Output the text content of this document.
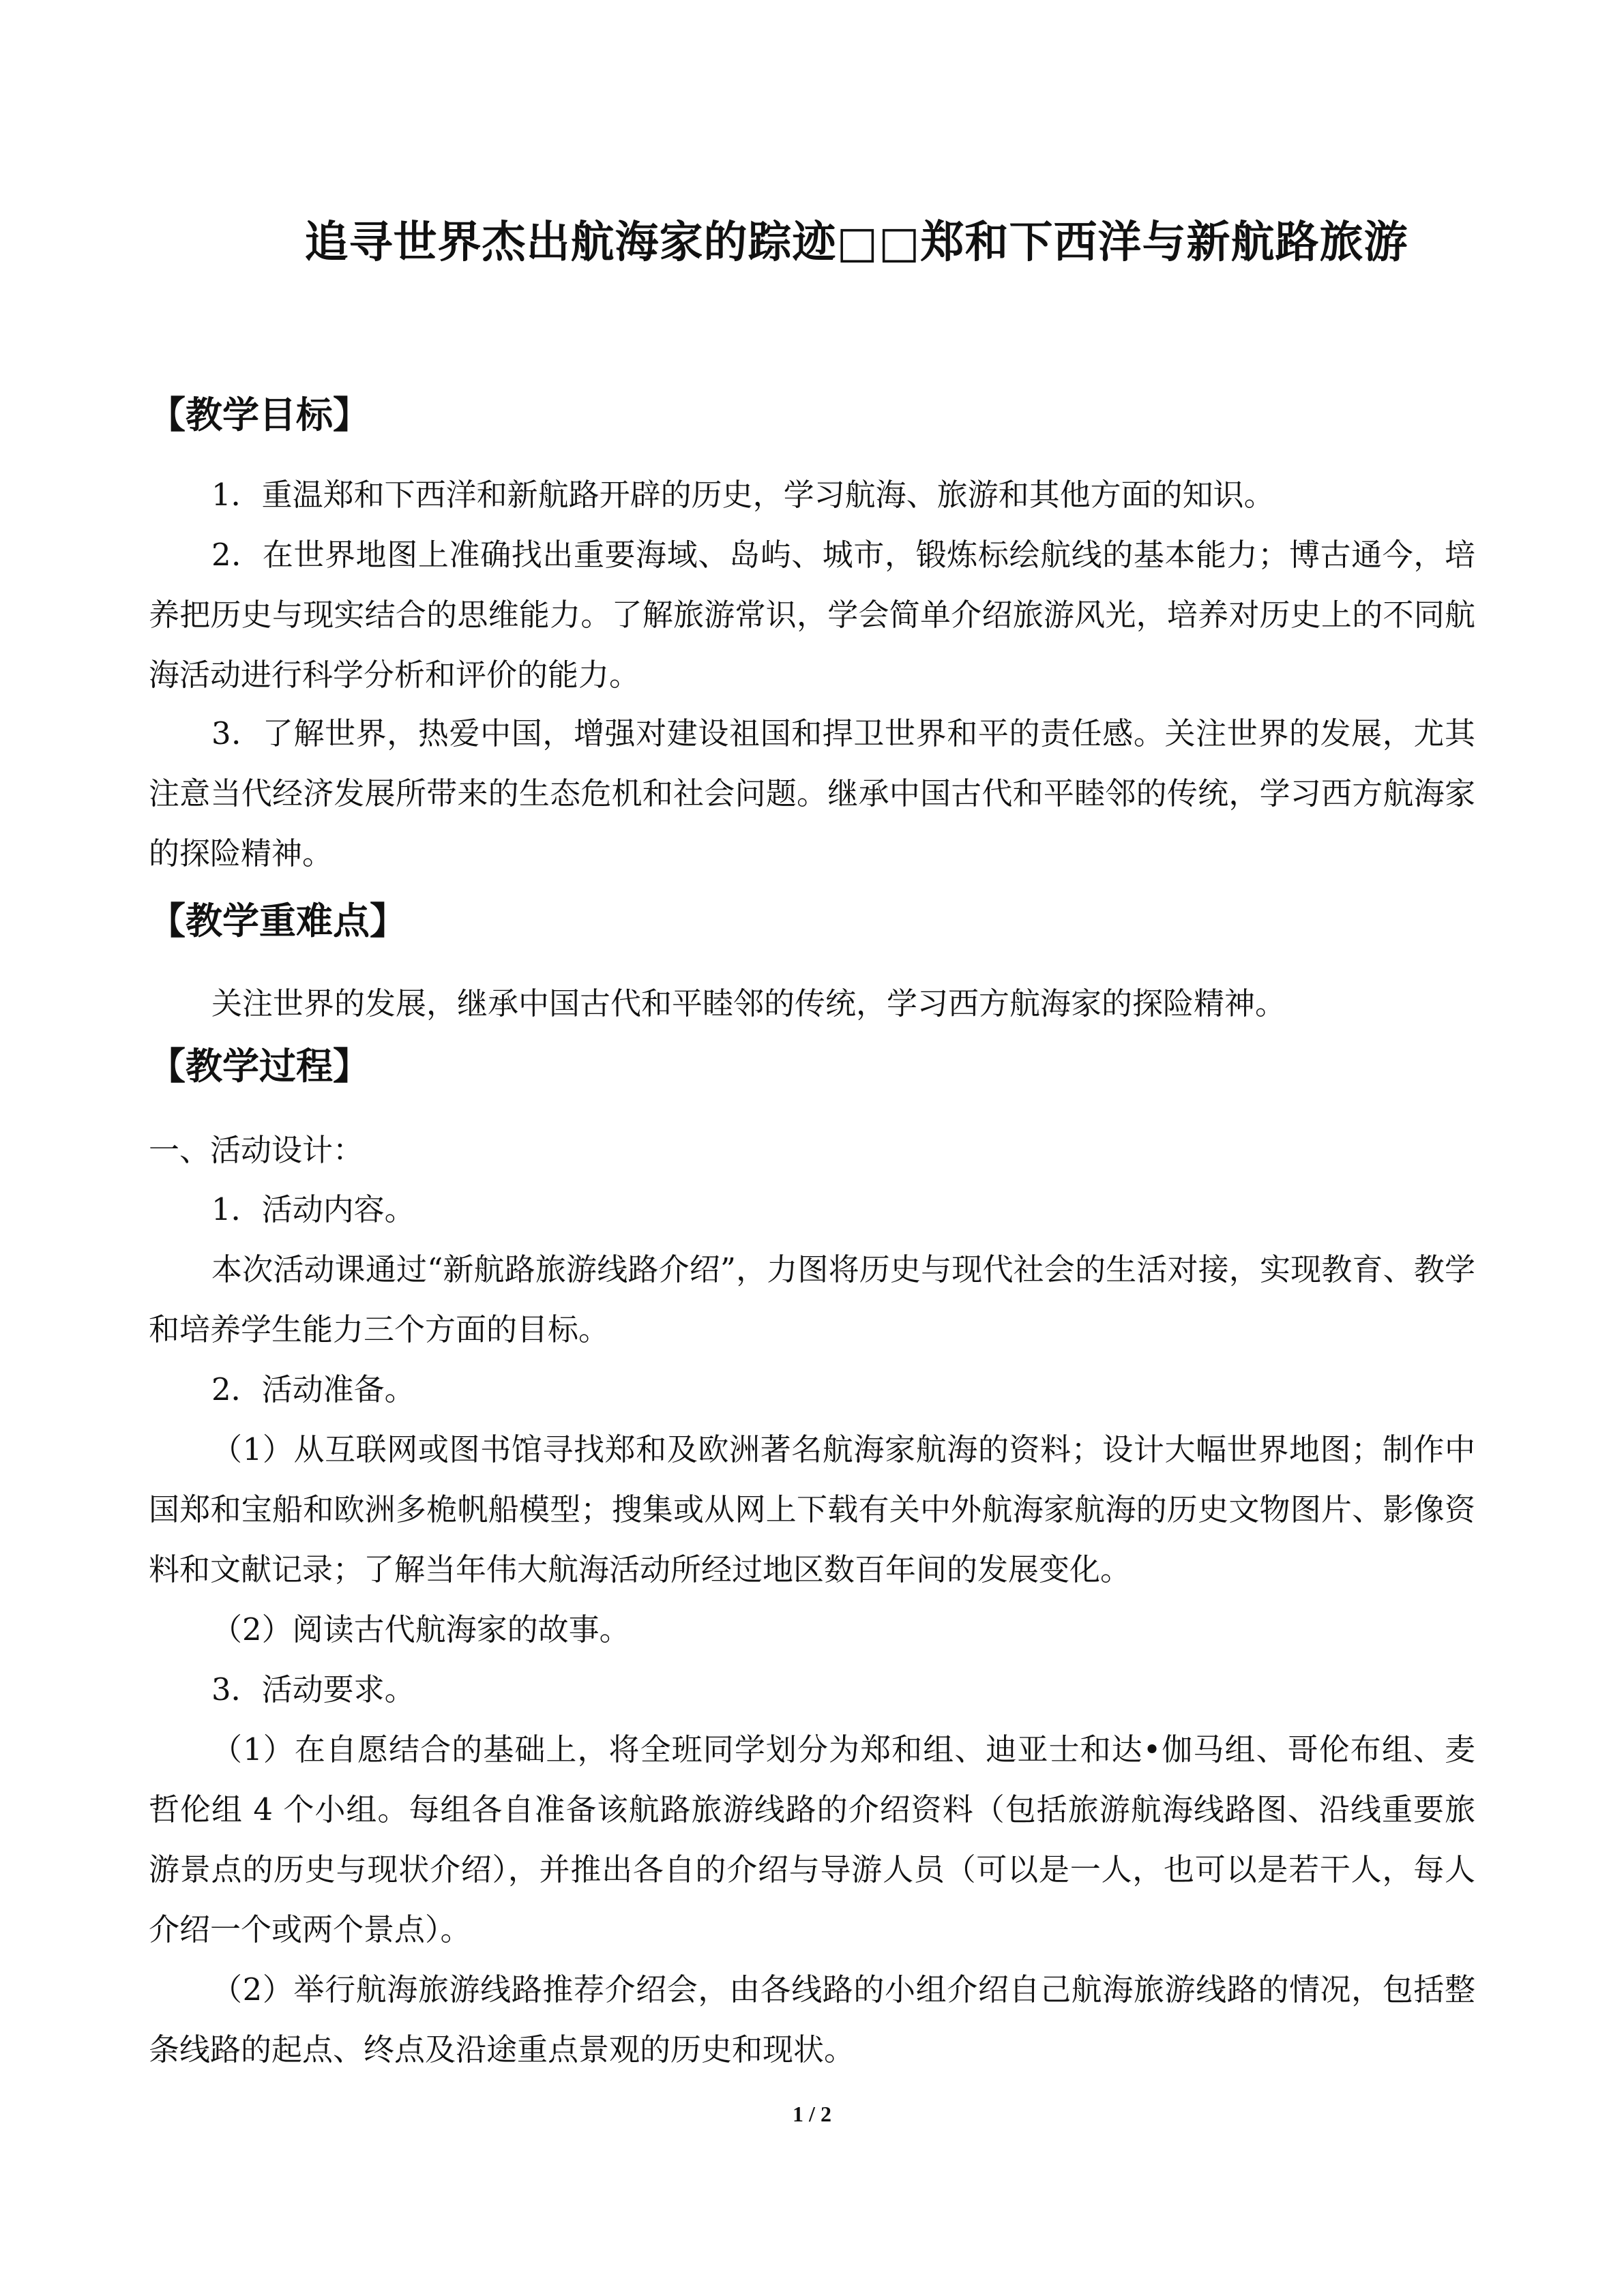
追寻世界杰出航海家的踪迹□□郑和下西洋与新航路旅游
【教学目标】
1．重温郑和下西洋和新航路开辟的历史，学习航海、旅游和其他方面的知识。
2．在世界地图上准确找出重要海域、岛屿、城市，锻炼标绘航线的基本能力；博古通今，培养把历史与现实结合的思维能力。了解旅游常识，学会简单介绍旅游风光，培养对历史上的不同航海活动进行科学分析和评价的能力。
3．了解世界，热爱中国，增强对建设祖国和捍卫世界和平的责任感。关注世界的发展，尤其注意当代经济发展所带来的生态危机和社会问题。继承中国古代和平睦邻的传统，学习西方航海家的探险精神。
【教学重难点】
关注世界的发展，继承中国古代和平睦邻的传统，学习西方航海家的探险精神。
【教学过程】
一、活动设计：
1．活动内容。
本次活动课通过“新航路旅游线路介绍”，力图将历史与现代社会的生活对接，实现教育、教学和培养学生能力三个方面的目标。
2．活动准备。
（1）从互联网或图书馆寻找郑和及欧洲著名航海家航海的资料；设计大幅世界地图；制作中国郑和宝船和欧洲多桅帆船模型；搜集或从网上下载有关中外航海家航海的历史文物图片、影像资料和文献记录；了解当年伟大航海活动所经过地区数百年间的发展变化。
（2）阅读古代航海家的故事。
3．活动要求。
（1）在自愿结合的基础上，将全班同学划分为郑和组、迪亚士和达•伽马组、哥伦布组、麦哲伦组 4 个小组。每组各自准备该航路旅游线路的介绍资料（包括旅游航海线路图、沿线重要旅游景点的历史与现状介绍），并推出各自的介绍与导游人员（可以是一人，也可以是若干人，每人介绍一个或两个景点）。
（2）举行航海旅游线路推荐介绍会，由各线路的小组介绍自己航海旅游线路的情况，包括整条线路的起点、终点及沿途重点景观的历史和现状。
1 / 2
